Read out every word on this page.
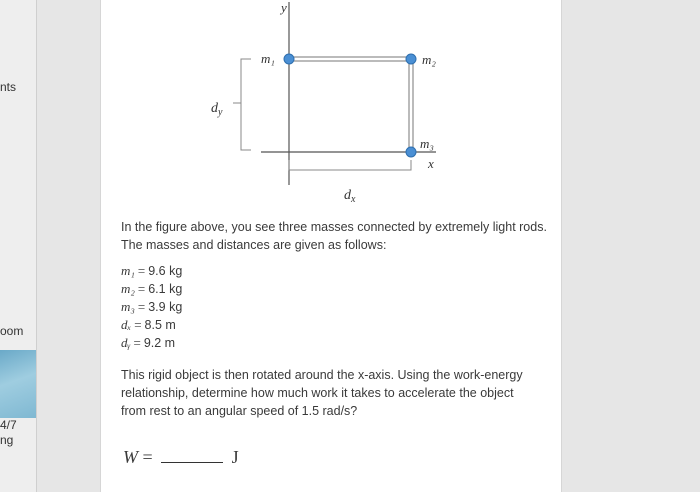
nts
oom
4/7
ng
y
x
m₁	m₂
m₃
$d_y$
$d_x$
In the figure above, you see three masses connected by extremely light rods.
The masses and distances are given as follows:
m₁ = 9.6 kg
m₂ = 6.1 kg
m₃ = 3.9 kg
dₓ = 8.5 m
dᵧ = 9.2 m
This rigid object is then rotated around the x-axis. Using the work-energy
relationship, determine how much work it takes to accelerate the object
from rest to an angular speed of 1.5 rad/s?
W =	J
